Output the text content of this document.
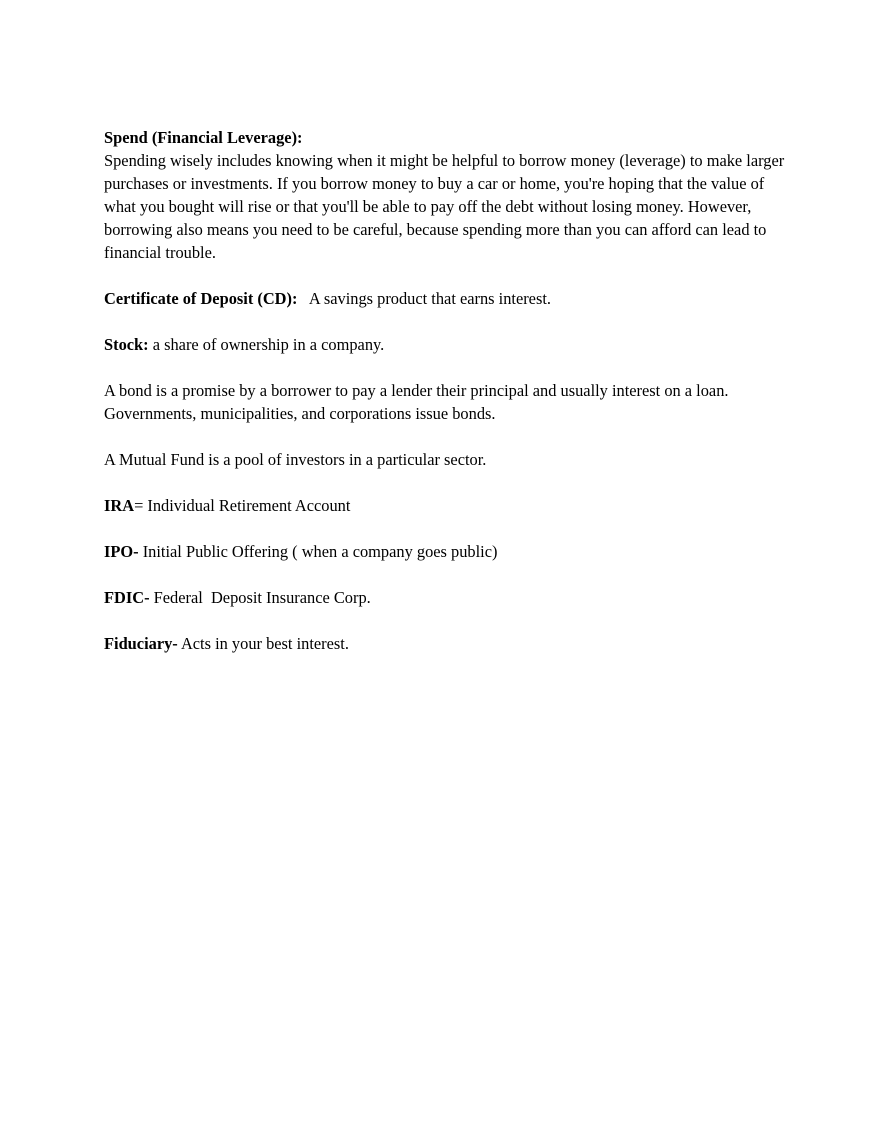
Spend (Financial Leverage):
Spending wisely includes knowing when it might be helpful to borrow money (leverage) to make larger purchases or investments. If you borrow money to buy a car or home, you're hoping that the value of what you bought will rise or that you'll be able to pay off the debt without losing money. However, borrowing also means you need to be careful, because spending more than you can afford can lead to financial trouble.

Certificate of Deposit (CD): A savings product that earns interest.

Stock: a share of ownership in a company.

A bond is a promise by a borrower to pay a lender their principal and usually interest on a loan. Governments, municipalities, and corporations issue bonds.

A Mutual Fund is a pool of investors in a particular sector.

IRA= Individual Retirement Account

IPO- Initial Public Offering ( when a company goes public)

FDIC- Federal  Deposit Insurance Corp.

Fiduciary- Acts in your best interest.
